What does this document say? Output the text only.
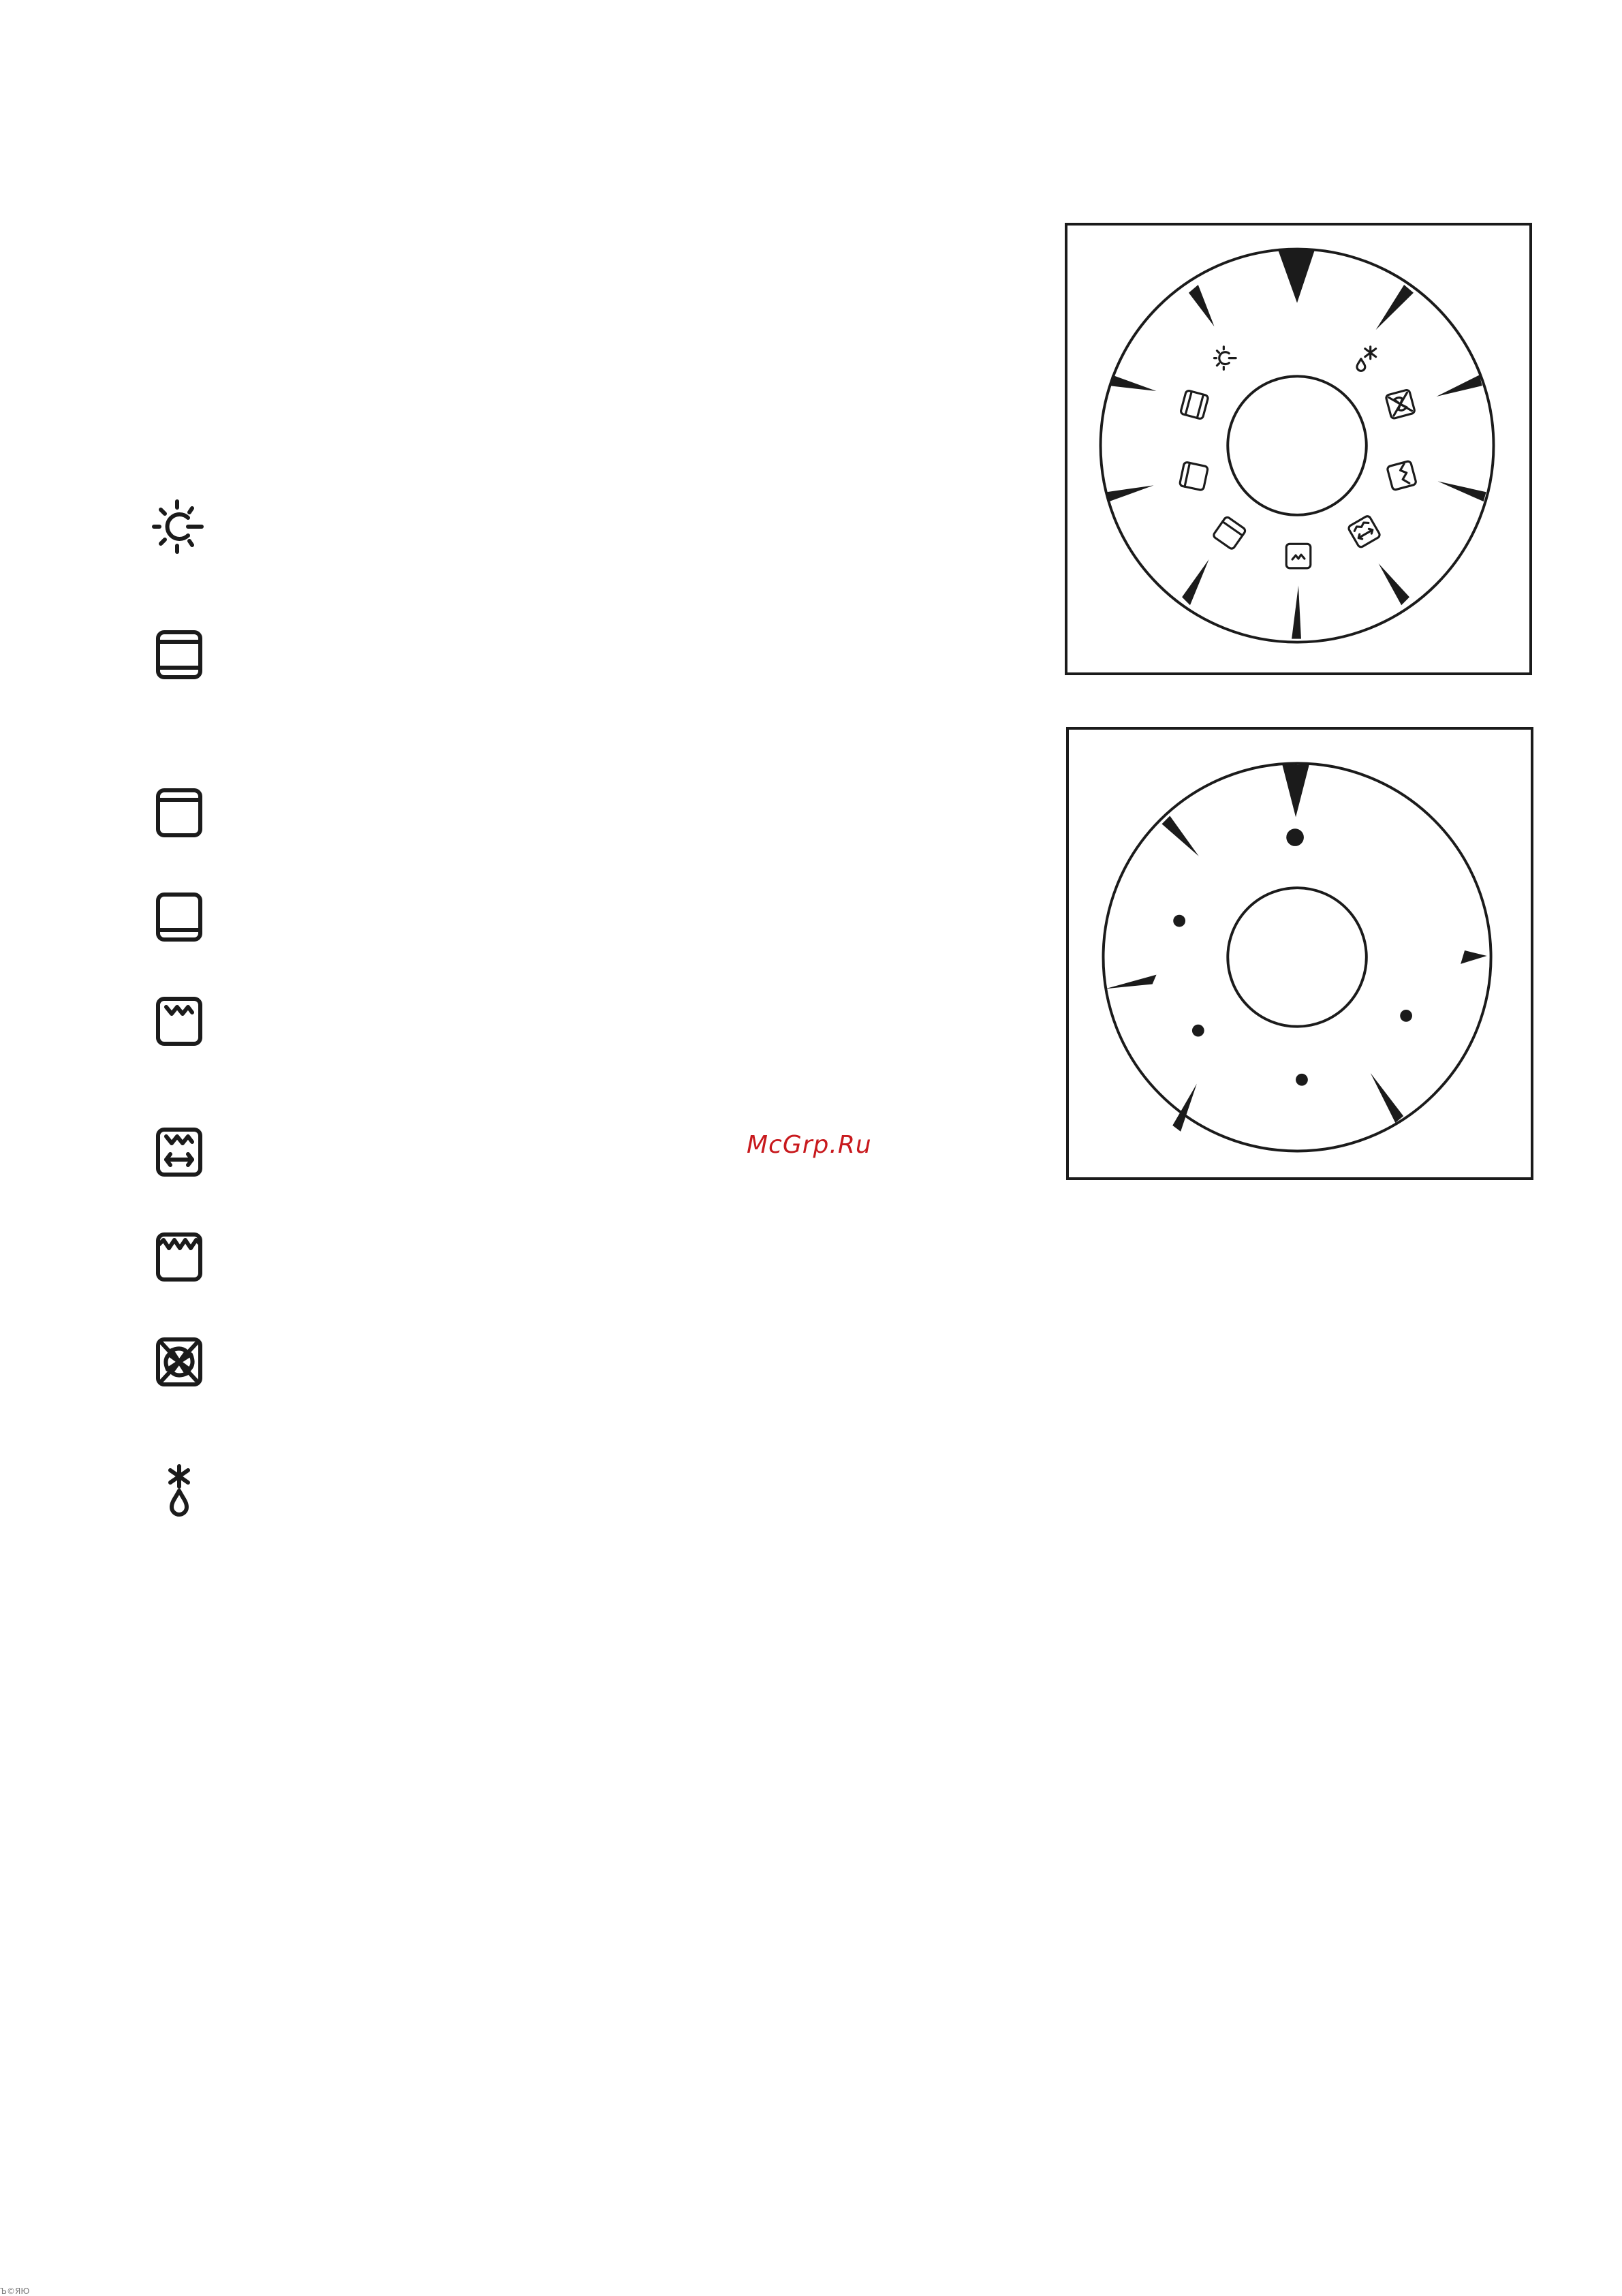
McGrp.Ru
Ъ©ЯЮ
